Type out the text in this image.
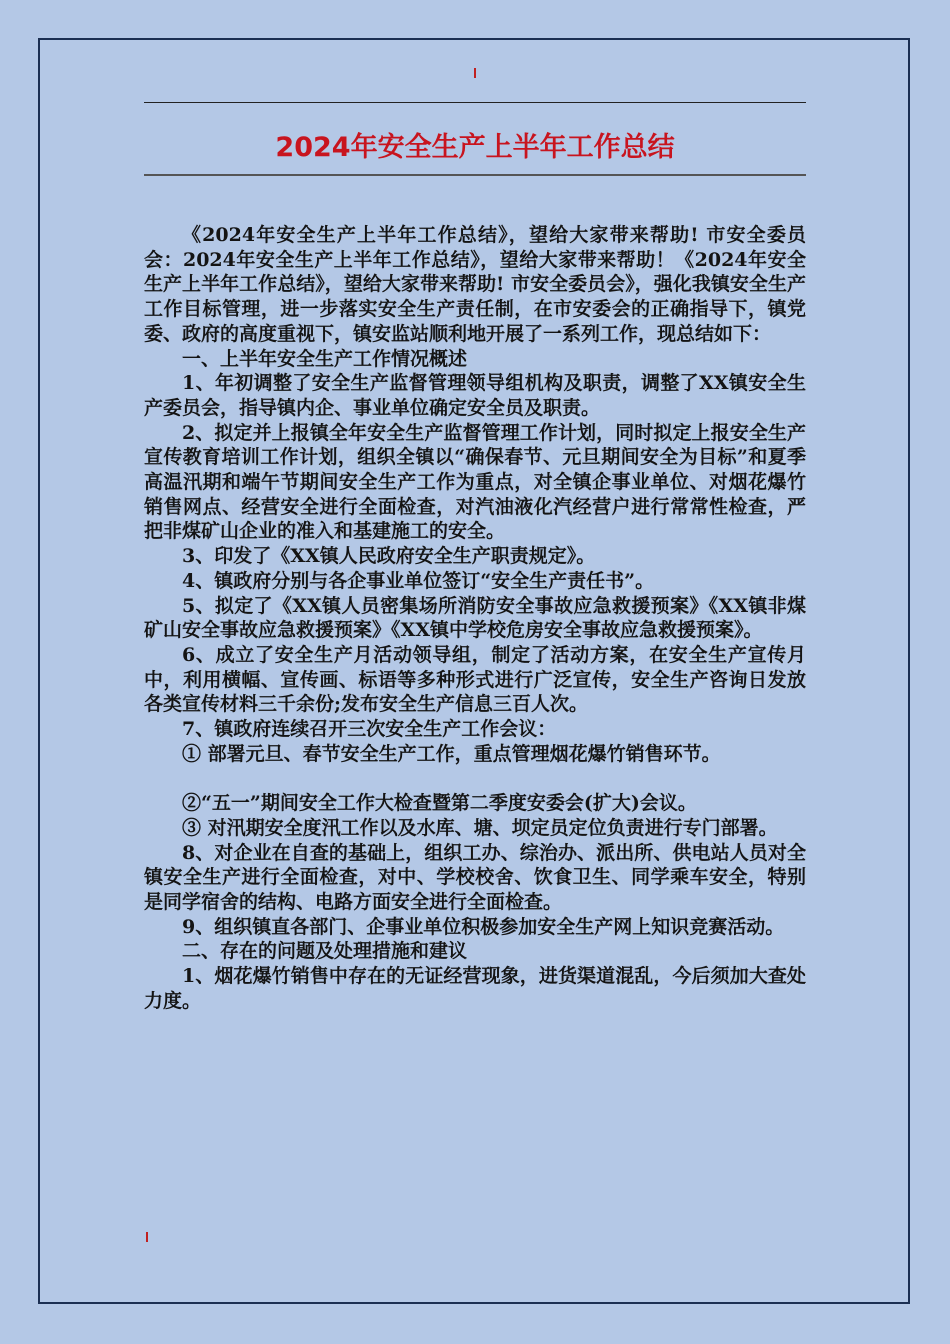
2024年安全生产上半年工作总结

《2024年安全生产上半年工作总结》，望给大家带来帮助! 市安全委员会：2024年安全生产上半年工作总结》，望给大家带来帮助！《2024年安全生产上半年工作总结》，望给大家带来帮助! 市安全委员会》，强化我镇安全生产工作目标管理，进一步落实安全生产责任制，在市安委会的正确指导下，镇党委、政府的高度重视下，镇安监站顺利地开展了一系列工作，现总结如下：

一、上半年安全生产工作情况概述

1、年初调整了安全生产监督管理领导组机构及职责，调整了XX镇安全生产委员会，指导镇内企、事业单位确定安全员及职责。

2、拟定并上报镇全年安全生产监督管理工作计划，同时拟定上报安全生产宣传教育培训工作计划，组织全镇以“确保春节、元旦期间安全为目标”和夏季高温汛期和端午节期间安全生产工作为重点，对全镇企事业单位、对烟花爆竹销售网点、经营安全进行全面检查，对汽油液化汽经营户进行常常性检查，严把非煤矿山企业的准入和基建施工的安全。

3、印发了《XX镇人民政府安全生产职责规定》。

4、镇政府分别与各企事业单位签订“安全生产责任书”。

5、拟定了《XX镇人员密集场所消防安全事故应急救援预案》《XX镇非煤矿山安全事故应急救援预案》《XX镇中学校危房安全事故应急救援预案》。

6、成立了安全生产月活动领导组，制定了活动方案，在安全生产宣传月中，利用横幅、宣传画、标语等多种形式进行广泛宣传，安全生产咨询日发放各类宣传材料三千余份;发布安全生产信息三百人次。

7、镇政府连续召开三次安全生产工作会议：

① 部署元旦、春节安全生产工作，重点管理烟花爆竹销售环节。

②“五一”期间安全工作大检查暨第二季度安委会(扩大)会议。

③ 对汛期安全度汛工作以及水库、塘、坝定员定位负责进行专门部署。

8、对企业在自查的基础上，组织工办、综治办、派出所、供电站人员对全镇安全生产进行全面检查，对中、学校校舍、饮食卫生、同学乘车安全，特别是同学宿舍的结构、电路方面安全进行全面检查。

9、组织镇直各部门、企事业单位积极参加安全生产网上知识竞赛活动。

二、存在的问题及处理措施和建议

1、烟花爆竹销售中存在的无证经营现象，进货渠道混乱，今后须加大查处力度。
